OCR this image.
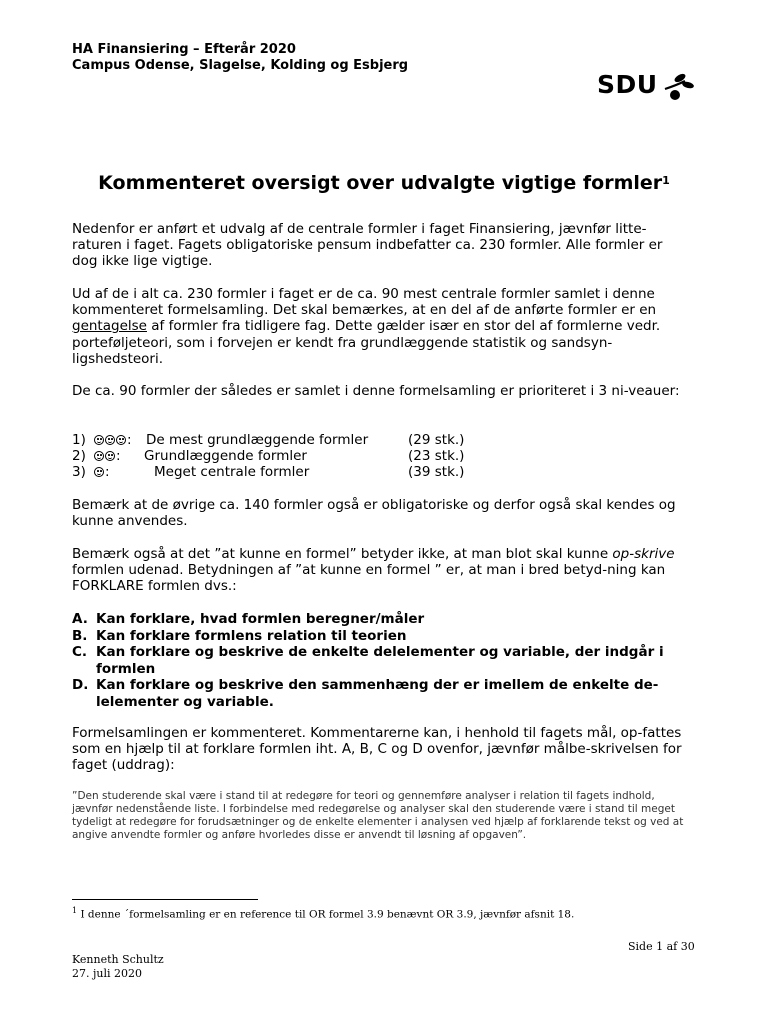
HA Finansiering – Efterår 2020
Campus Odense, Slagelse, Kolding og Esbjerg
SDU
Kommenteret oversigt over udvalgte vigtige formler$^1$
Nedenfor er anført et udvalg af de centrale formler i faget Finansiering, jævnfør litte-raturen i faget. Fagets obligatoriske pensum indbefatter ca. 230 formler. Alle formler er dog ikke lige vigtige.
Ud af de i alt ca. 230 formler i faget er de ca. 90 mest centrale formler samlet i denne kommenteret formelsamling. Det skal bemærkes, at en del af de anførte formler er en gentagelse af formler fra tidligere fag. Dette gælder især en stor del af formlerne vedr. porteføljeteori, som i forvejen er kendt fra grundlæggende statistik og sandsyn-ligshedsteori.
De ca. 90 formler der således er samlet i denne formelsamling er prioriteret i 3 ni-veauer:
1)	: De mest grundlæggende formler	(29 stk.)
2)	: Grundlæggende formler	(23 stk.)
3)	:	Meget centrale formler	(39 stk.)
Bemærk at de øvrige ca. 140 formler også er obligatoriske og derfor også skal kendes og kunne anvendes.
Bemærk også at det ”at kunne en formel” betyder ikke, at man blot skal kunne op-skrive formlen udenad. Betydningen af ”at kunne en formel ” er, at man i bred betyd-ning kan FORKLARE formlen dvs.:
A. Kan forklare, hvad formlen beregner/måler
B. Kan forklare formlens relation til teorien
C. Kan forklare og beskrive de enkelte delelementer og variable, der indgår i formlen
D. Kan forklare og beskrive den sammenhæng der er imellem de enkelte de-lelementer og variable.
Formelsamlingen er kommenteret. Kommentarerne kan, i henhold til fagets mål, op-fattes som en hjælp til at forklare formlen iht. A, B, C og D ovenfor, jævnfør målbe-skrivelsen for faget (uddrag):
”Den studerende skal være i stand til at redegøre for teori og gennemføre analyser i relation til fagets indhold, jævnfør nedenstående liste. I forbindelse med redegørelse og analyser skal den studerende være i stand til meget tydeligt at redegøre for forudsætninger og de enkelte elementer i analysen ved hjælp af forklarende tekst og ved at angive anvendte formler og anføre hvorledes disse er anvendt til løsning af opgaven”.
$^1$ I denne ´formelsamling er en reference til OR formel 3.9 benævnt OR 3.9, jævnfør afsnit 18.
Side 1 af 30
Kenneth Schultz
27. juli 2020
